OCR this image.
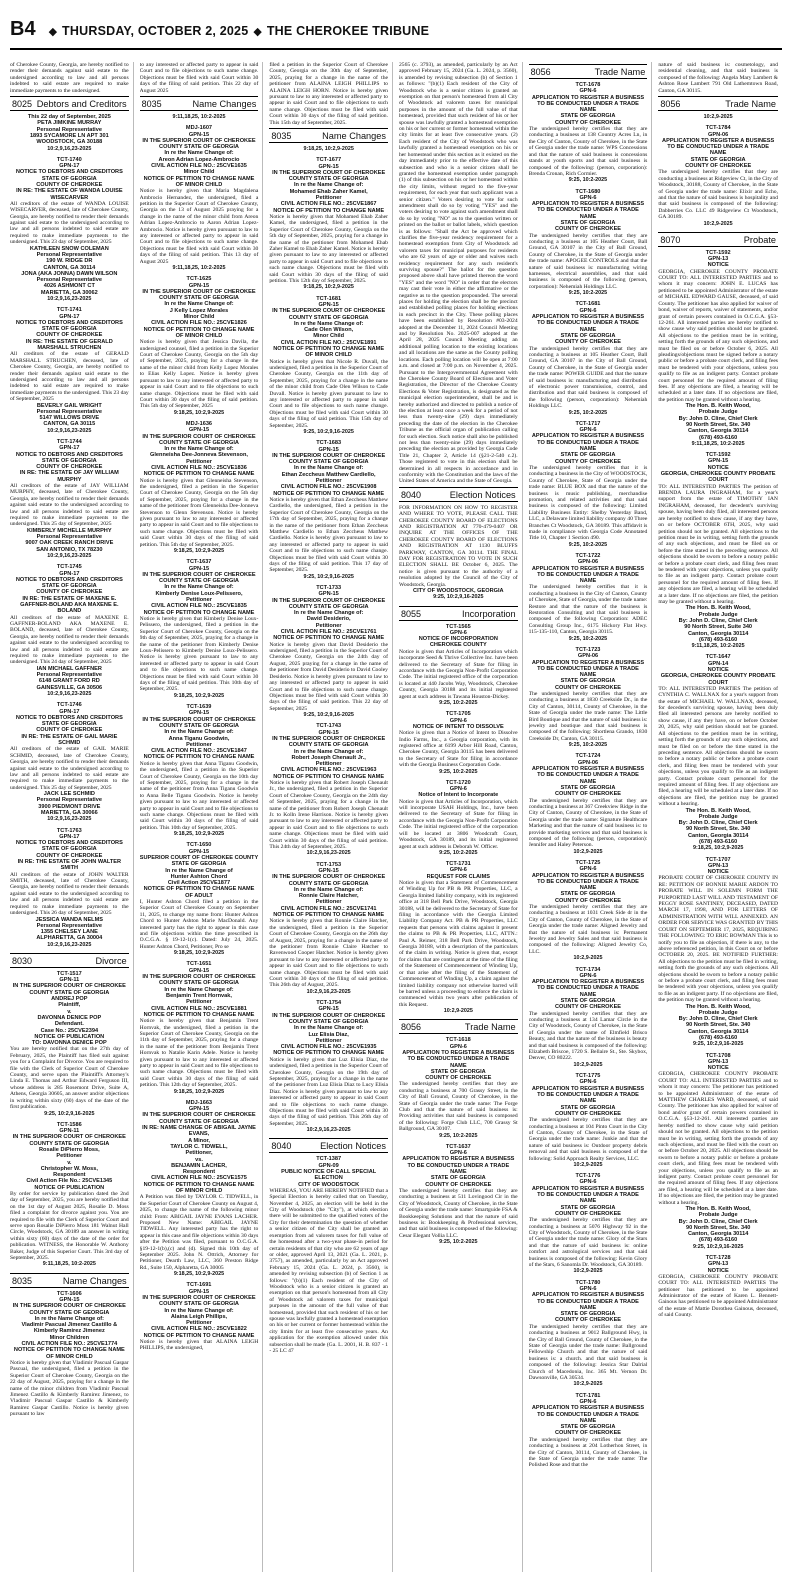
B4 ◆ THURSDAY, OCTOBER 2, 2025 ◆ THE CHEROKEE TRIBUNE
of Cherokee County, Georgia, are hereby notified to render their demands against said estate to the undersigned according to law and all persons indebted to said estate are required to make immediate payments to the undersigned.
8025 Debtors and Creditors
This 22 day of September, 2025
PETA JIMKINE MURRAY
Personal Representative
1893 SYCAMORE LN APT 301
WOODSTOCK, GA 30188
10:2,9,16,23-2025
TCT-1740
GPN-17
NOTICE TO DEBTORS AND CREDITORS
STATE OF GEORGIA
COUNTY OF CHEROKEE
IN RE: THE ESTATE OF WANDA LOUISE WISECARVER
All creditors of the estate of WANDA LOUISE WISECARVER, deceased, late of Cherokee County, Georgia, are hereby notified to render their demands against said estate to the undersigned according to law and all persons indebted to said estate are required to make immediate payments to the undersigned. This 23 day of September, 2025
KATHLEEN SNOW COLEMAN
Personal Representative
190 W. RIDGE DR
CANTON, GA 30114
JONA (AKA JONNA) DAWN WILSON
Personal Representative
4026 ASHMONT CT
MARIETTA, GA 30062
10:2,9,16,23-2025
TCT-1741
GPN-17
NOTICE TO DEBTORS AND CREDITORS
STATE OF GEORGIA
COUNTY OF CHEROKEE
IN RE: THE ESTATE OF GERALD MARSHALL STRUCHEN
All creditors of the estate of GERALD MARSHALL STRUCHEN, deceased, late of Cherokee County, Georgia, are hereby notified to render their demands against said estate to the undersigned according to law and all persons indebted to said estate are required to make immediate payments to the undersigned. This 23 day of September, 2025
BEVERLY GAIL WRIGHT
Personal Representative
5147 WILLOWS DRIVE
CANTON, GA 30115
10:2,9,16,23-2025
TCT-1744
GPN-17
NOTICE TO DEBTORS AND CREDITORS
STATE OF GEORGIA
COUNTY OF CHEROKEE
IN RE: THE ESTATE OF JAY WILLIAM MURPHY
All creditors of the estate of JAY WILLIAM MURPHY, deceased, late of Cherokee County, Georgia, are hereby notified to render their demands against said estate to the undersigned according to law and all persons indebted to said estate are required to make immediate payments to the undersigned. This 25 day of September, 2025
KIMBERLY MICHELLE MURPHY
Personal Representative
9007 OAK CREEK RANCH DRIVE
SAN ANTONIO, TX 78230
10:2,9,16,23-2025
TCT-1745
GPN-17
NOTICE TO DEBTORS AND CREDITORS
STATE OF GEORGIA
COUNTY OF CHEROKEE
IN RE: THE ESTATE OF MAXENE E. GAFFNER-BOLAND AKA MAXENE E. BOLAND
All creditors of the estate of MAXENE E. GAFFNER-BOLAND AKA MAXENE E. BOLAND, deceased, late of Cherokee County, Georgia, are hereby notified to render their demands against said estate to the undersigned according to law and all persons indebted to said estate are required to make immediate payments to the undersigned. This 24 day of September, 2025
IAN MICHAEL GAFFNER
Personal Representative
6148 GRANT FORD RD
GAINESVILLE, GA 30506
10:2,9,16,23-2025
TCT-1746
GPN-17
NOTICE TO DEBTORS AND CREDITORS
STATE OF GEORGIA
COUNTY OF CHEROKEE
IN RE: THE ESTATE OF GAIL MARIE SCHMID
All creditors of the estate of GAIL MARIE SCHMID, deceased, late of Cherokee County, Georgia, are hereby notified to render their demands against said estate to the undersigned according to law and all persons indebted to said estate are required to make immediate payments to the undersigned. This 25 day of September, 2025
JACK LEE SCHMID
Personal Representative
3900 PIEDMONT DRIVE
MARIETTA, GA 30066
10:2,9,16,23-2025
TCT-1763
GPN-17
NOTICE TO DEBTORS AND CREDITORS
STATE OF GEORGIA
COUNTY OF CHEROKEE
IN RE: THE ESTATE OF JOHN WALTER SMITH
All creditors of the estate of JOHN WALTER SMITH, deceased, late of Cherokee County, Georgia, are hereby notified to render their demands against said estate to the undersigned according to law and all persons indebted to said estate are required to make immediate payments to the undersigned. This 26 day of September, 2025
JESSICA WANDA NELMS
Personal Representative
1355 CHELSEY LANE
ALPHARETTA, GA 30004
10:2,9,16,23-2025
8030	Divorce
TCT-1517
GPN-11
IN THE SUPERIOR COURT OF CHEROKEE COUNTY STATE OF GEORGIA
ANDREJ POP
Plaintiff,
v.
DAVONNA DENICE POP
Defendant.
Case No.: 25CVE2394
NOTICE OF PUBLICATION
TO: DAVONNA DENICE POP
You are hereby notified that on the 27th day of February, 2025, the Plaintiff has filed suit against you for a Complaint for Divorce. You are required to file with the Clerk of Superior Court of Cherokee County, and serve upon the Plaintiff's Attorney's Linda E. Thomas and Arthur Edward Ferguson III, whose address is 285 Rosemont Drive, Suite A, Athens, Georgia 30605, an answer and/or objections in writing within sixty (60) days of the date of the first publication.
9:25, 10:2,9,16-2025
TCT-1586
GPN-11
IN THE SUPERIOR COURT OF CHEROKEE COUNTY STATE OF GEORGIA
Rosalie DiPierro Moss,
Petitioner
v.
Christopher W. Moss,
Respondent
Civil Action File No.: 25CVE1345
NOTICE OF PUBLICATION
By order for service by publication dated the 2nd day of September, 2025, you are hereby notified that on the 1st day of August 2025, Rosalie D. Moss filed a complaint for divorce against you. You are required to file with the Clerk of Superior Court and serve upon Rosalie DiPierro Moss 181 Walnut Hall Circle, Woodstock, GA 30189 an answer in writing within sixty (60) days of the date of the order for publication. WITNESS, the Honorable W. Anthony Baker, Judge of this Superior Court. This 3rd day of September, 2025.
9:11,18,25, 10:2-2025
8035	Name Changes
TCT-1606
GPN-15
IN THE SUPERIOR COURT OF CHEROKEE COUNTY STATE OF GEORGIA
In re the Name Change of:
Vladimir Pascual Jimenez Castillo & Kimberly Ramirez Jimenez
Minor Children
CIVIL ACTION FILE NO.: 25CVE1774
NOTICE OF PETITION TO CHANGE NAME OF MINOR CHILD
Notice is hereby given that Vladimir Pascual Gaspar Pascual, the undersigned, filed a petition in the Superior Court of Cherokee County, Georgia on the 22 day of August, 2025, praying for a change in the name of the minor children from Vladimir Pascual Jimenez Castillo & Kimberly Ramirez Jimenez, to Vladimir Pascual Gaspar Castillo & Kimberly Ramirez Gaspar Castillo. Notice is hereby given pursuant to law
to any interested or affected party to appear in said Court and to file objections to such name change. Objections must be filed with said Court within 30 days of the filing of said petition. This 22 day of August 2025
8035	Name Changes
9:11,18,25, 10:2-2025
MDJ-1607
GPN-15
IN THE SUPERIOR COURT OF CHEROKEE COUNTY STATE OF GEORGIA
In re the Name Change of:
Areon Adrian Lopez-Ambrocio
CIVIL ACTION FILE NO.: 25CVE1635
Minor Child
NOTICE OF PETITION TO CHANGE NAME OF MINOR CHILD
Notice is hereby given that Maria Magdalena Ambrocio Hernandez, the undersigned, filed a petition in the Superior Court of Cherokee County, Georgia on the 13 of August 2025 praying for a change in the name of the minor child from Areon Adrian Lopez-Ambrocio to Aaron Adrian Lopez-Ambrocio. Notice is hereby given pursuant to law to any interested or affected party to appear in said Court and to file objections to such name change. Objections must be filed with said Court within 30 days of the filing of said petition. This 13 day of August 2025
9:11,18,25, 10:2-2025
TCT-1625
GPN-15
IN THE SUPERIOR COURT OF CHEROKEE COUNTY STATE OF GEORGIA
In re the Name Change of:
J Kelly Lopez Morales
Minor Child
CIVIL ACTION FILE NO.: 25CVE1826
NOTICE OF PETITION TO CHANGE NAME OF MINOR CHILD
Notice is hereby given that Jessica Davila, the undersigned counsel, filed a petition in the Superior Court of Cherokee County, Georgia on the 5th day of September, 2025, praying for a change in the name of the minor child from Kelly Lopez Morales to Elias Kelly Lopez. Notice is hereby given pursuant to law to any interested or affected party to appear in said Court and to file objections to such name change. Objections must be filed with said Court within 30 days of the filing of said petition. This 5th day of September, 2025
9:18,25, 10:2,9-2025
MDJ-1636
GPN-15
IN THE SUPERIOR COURT OF CHEROKEE COUNTY STATE OF GEORGIA
In re the Name Change of:
Glenneisha Dee-Jonneva Stevenson,
Petitioner
CIVIL ACTION FILE NO.: 25CVE1836
NOTICE OF PETITION TO CHANGE NAME
Notice is hereby given that Glenneisha Stevenson, the undersigned, filed a petition in the Superior Court of Cherokee County, Georgia on the 5th day of September, 2025, praying for a change in the name of the petitioner from Glenneisha Dee-Jonneva Stevenson to Glenn Stevenson. Notice is hereby given pursuant to law to any interested or affected party to appear in said Court and to file objections to such name change. Objections must be filed with said Court within 30 days of the filing of said petition. This 5th day of September, 2025.
9:18,25, 10:2,9-2025
TCT-1637
GPN-15
IN THE SUPERIOR COURT OF CHEROKEE COUNTY STATE OF GEORGIA
In re the Name Change of:
Kimberly Denise Loux-Pelissero,
Petitioner
CIVIL ACTION FILE NO.: 25CVE1835
NOTICE OF PETITION TO CHANGE NAME
Notice is hereby given that Kimberly Denise Loux-Pelissero, the undersigned, filed a petition in the Superior Court of Cherokee County, Georgia on the 9th day of September, 2025, praying for a change in the name of the petitioner from Kimberly Denise Loux-Pelissero to Kimberly Denise Loux-Pelissero. Notice is hereby given pursuant to law to any interested or affected party to appear in said Court and to file objections to such name change. Objections must be filed with said Court within 30 days of the filing of said petition. This 10th day of September, 2025.
9:18,25, 10:2,9-2025
TCT-1639
GPN-15
IN THE SUPERIOR COURT OF CHEROKEE COUNTY STATE OF GEORGIA
In re the Name Change of:
Anna Tiganu Goodwin,
Petitioner
CIVIL ACTION FILE NO.: 25CVE1847
NOTICE OF PETITION TO CHANGE NAME
Notice is hereby given that Anna Tiganu Goodwin, the undersigned, filed a petition in the Superior Court of Cherokee County, Georgia on the 10th day of September, 2025, praying for a change in the name of the petitioner from Anna Tiganu Goodwin to Anna Belle Tiganu Goodwin. Notice is hereby given pursuant to law to any interested or affected party to appear in said Court and to file objections to such name change. Objections must be filed with said Court within 30 days of the filing of said petition. This 10th day of September, 2025.
9:18,25, 10:2,9-2025
TCT-1650
GPN-15
SUPERIOR COURT OF CHEROKEE COUNTY
STATE OF GEORGIA
In re the Name Change of
Hunter Ashton Chord
Civil Action 25CVE1877
NOTICE OF PETITION TO CHANGE NAME OF ADULT
I, Hunter Ashton Chord filed a petition in the Superior Court of Cherokee County on September 11, 2025, to change my name from: Hunter Ashton Chord to Hunter Ashton Marie MacDonald. Any interested party has the right to appear in this case and file objections within the time prescribed in O.C.G.A. § 19-12-1(c). Dated: July 24, 2025. Hunter Ashton Chord, Petitioner, Pro se
9:18,25, 10:2,9-2025
TCT-1651
GPN-15
IN THE SUPERIOR COURT OF CHEROKEE COUNTY STATE OF GEORGIA
In re the Name Change of:
Benjamin Trent Hornvak,
Petitioner
CIVIL ACTION FILE NO.: 25CVE1881
NOTICE OF PETITION TO CHANGE NAME
Notice is hereby given that Benjamin Trent Hornvak, the undersigned, filed a petition in the Superior Court of Cherokee County, Georgia on the 11th day of September, 2025, praying for a change in the name of the petitioner from Benjamin Trent Hornvak to Natalie Karin Adele. Notice is hereby given pursuant to law to any interested or affected party to appear in said Court and to file objections to such name change. Objections must be filed with said Court within 30 days of the filing of said petition. This 12th day of September, 2025.
9:18,25, 10:2,9-2025
MDJ-1663
GPN-15
IN THE SUPERIOR COURT OF CHEROKEE COUNTY STATE OF GEORGIA
IN RE: NAME CHANGE OF ABIGAIL JAYNE EVANS,
A Minor,
TAYLOR C. TIDWELL,
Petitioner,
vs.
BENJAMIN LACHER,
Respondent
CIVIL ACTION FILE NO.: 25CVE1575
NOTICE OF PETITION TO CHANGE NAME OF MINOR CHILD
A Petition was filed by TAYLOR C. TIDWELL, in the Superior Court of Cherokee County on August 4, 2025, to change the name of the following minor child: From: ABIGAIL JAYNE EVANS LACHER. Proposed New Name: ABIGAIL JAYNE TIDWELL. Any interested party has the right to appear in this case and file objections within 30 days after the Petition was filed, pursuant to O.C.G.A. §19-12-1(b),(c) and (d). Signed this 10th day of September 2025. John N. Ottrich, Attorney for Petitioner, Dearth Law, LLC, 360 Preston Ridge Rd., Suite 150, Alpharetta, GA 30005
9:18,25, 10:2,9-2025
TCT-1691
GPN-15
IN THE SUPERIOR COURT OF CHEROKEE COUNTY STATE OF GEORGIA
In re the Name Change of:
Alaina Leigh Phillips,
Petitioner
CIVIL ACTION FILE NO.: 25CVE1822
NOTICE OF PETITION TO CHANGE NAME
Notice is hereby given that ALAINA LEIGH PHILLIPS, the undersigned,
filed a petition in the Superior Court of Cherokee County, Georgia on the 30th day of September, 2025, praying for a change in the name of the petitioner from ALAINA LEIGH PHILLIPS to ALAINA LEIGH HORN. Notice is hereby given pursuant to law to any interested or affected party to appear in said Court and to file objections to such name change. Objections must be filed with said Court within 30 days of the filing of said petition. This 15th day of September, 2025.
8035	Name Changes
9:18,25, 10:2,9-2025
TCT-1677
GPN-15
IN THE SUPERIOR COURT OF CHEROKEE COUNTY STATE OF GEORGIA
In re the Name Change of:
Mohamed Ehab Zaher Kamel,
Petitioner
CIVIL ACTION FILE NO.: 25CVE1867
NOTICE OF PETITION TO CHANGE NAME
Notice is hereby given that Mohamed Ehab Zaher Kamel, the undersigned, filed a petition in the Superior Court of Cherokee County, Georgia on the 5th day of September, 2025, praying for a change in the name of the petitioner from Mohamed Ehab Zaher Kamel to Ehab Zaher Kamel. Notice is hereby given pursuant to law to any interested or affected party to appear in said Court and to file objections to such name change. Objections must be filed with said Court within 30 days of the filing of said petition. This 12th day of September, 2025.
9:18,25, 10:2,9-2025
TCT-1681
GPN-15
IN THE SUPERIOR COURT OF CHEROKEE COUNTY STATE OF GEORGIA
In re the Name Change of:
Cade Olen Wilson,
Minor Child
CIVIL ACTION FILE NO.: 25CVE1891
NOTICE OF PETITION TO CHANGE NAME OF MINOR CHILD
Notice is hereby given that Nicole R. Duvall, the undersigned, filed a petition in the Superior Court of Cherokee County, Georgia on the 11th day of September, 2025, praying for a change in the name of the minor child from Cade Olen Wilson to Cade Duvall. Notice is hereby given pursuant to law to any interested or affected party to appear in said Court and to file objections to such name change. Objections must be filed with said Court within 30 days of the filing of said petition. This 15th day of September, 2025.
9:25, 10:2,9,16-2025
TCT-1683
GPN-15
IN THE SUPERIOR COURT OF CHEROKEE COUNTY STATE OF GEORGIA
In re the Name Change of:
Ethan Zeccheus Matthew Cardiello,
Petitioner
CIVIL ACTION FILE NO.: 25CVE1908
NOTICE OF PETITION TO CHANGE NAME
Notice is hereby given that Ethan Zeccheus Matthew Cardiello, the undersigned, filed a petition in the Superior Court of Cherokee County, Georgia on the 17th day of September, 2025, praying for a change in the name of the petitioner from Ethan Zeccheus Matthew Cardiello to Ethan Zeccheus Matthew Cardiello. Notice is hereby given pursuant to law to any interested or affected party to appear in said Court and to file objections to such name change. Objections must be filed with said Court within 30 days of the filing of said petition. This 17 day of September, 2025.
9:25, 10:2,9,16-2025
TCT-1733
GPN-15
IN THE SUPERIOR COURT OF CHEROKEE COUNTY STATE OF GEORGIA
In re the Name Change of:
David Desiderio,
Petitioner
CIVIL ACTION FILE NO.: 25CVE1761
NOTICE OF PETITION TO CHANGE NAME
Notice is hereby given that David Desiderio the undersigned, filed a petition in the Superior Court of Cherokee County, Georgia on the 24th day of August, 2025 praying for a change in the name of the petitioner from David Desiderio to David Cooley Desiderio. Notice is hereby given pursuant to law to any interested or affected party to appear in said Court and to file objections to such name change. Objections must be filed with said Court within 30 days of the filing of said petition. This 22 day of September, 2025
9:25, 10:2,9,16-2025
TCT-1743
GPN-15
IN THE SUPERIOR COURT OF CHEROKEE COUNTY STATE OF GEORGIA
In re the Name Change of:
Robert Joseph Chenault Jr.,
Petitioner
CIVIL ACTION FILE NO.: 25CVE1963
NOTICE OF PETITION TO CHANGE NAME
Notice is hereby given that Robert Joseph Chenault Jr., the undersigned, filed a petition in the Superior Court of Cherokee County, Georgia on the 24th day of September, 2025, praying for a change in the name of the petitioner from Robert Joseph Chenault Jr. to Kolln Irene Harrison. Notice is hereby given pursuant to law to any interested or affected party to appear in said Court and to file objections to such name change. Objections must be filed with said Court within 30 days of the filing of said petition. This 24th day of September, 2025.
10:2,9,16,23-2025
TCT-1753
GPN-15
IN THE SUPERIOR COURT OF CHEROKEE COUNTY STATE OF GEORGIA
In re the Name Change of:
Ronnie Claire Hatcher,
Petitioner
CIVIL ACTION FILE NO.: 25CVE1741
NOTICE OF PETITION TO CHANGE NAME
Notice is hereby given that Ronnie Claire Hatcher, the undersigned, filed a petition in the Superior Court of Cherokee County, Georgia on the 26th day of August, 2025, praying for a change in the name of the petitioner from Ronnie Claire Hatcher to Ravenwood Cooper Hatcher. Notice is hereby given pursuant to law to any interested or affected party to appear in said Court and to file objections to such name change. Objections must be filed with said Court within 30 days of the filing of said petition. This 26th day of August, 2025.
10:2,9,16,23-2025
TCT-1754
GPN-15
IN THE SUPERIOR COURT OF CHEROKEE COUNTY STATE OF GEORGIA
In re the Name Change of:
Luz Elisia Diaz,
Petitioner
CIVIL ACTION FILE NO.: 25CVE1935
NOTICE OF PETITION TO CHANGE NAME
Notice is hereby given that Luz Elisia Diaz, the undersigned, filed a petition in the Superior Court of Cherokee County, Georgia on the 19th day of September, 2025, praying for a change in the name of the petitioner from Luz Elisia Diaz to Lucy Elisia Diaz. Notice is hereby given pursuant to law to any interested or affected party to appear in said Court and to file objections to such name change. Objections must be filed with said Court within 30 days of the filing of said petition. This 26th day of September, 2025.
10:2,9,16,23-2025
8040	Election Notices
TCT-1387
GPN-09
PUBLIC NOTICE OF CALL SPECIAL ELECTION
CITY OF WOODSTOCK
WHEREAS, YOU ARE HEREBY NOTIFIED that a Special Election is hereby called that on Tuesday, November 4, 2025, an election will be held in the City of Woodstock (the "City"), at which election there will be submitted to the qualified voters of the City for their determination the question of whether a senior citizen of the City shall be granted an exemption from ad valorem taxes for full value of the homestead after a two-year phase-in period for certain residents of that city who are 62 years of age or older, approved April 13, 2021 (Ga. L. 2021, p. 3757), as amended, particularly by an Act approved February 15, 2024 (Ga. L. 2024, p. 3560), is amended by revising subsection (b) of Section 1 as follows: "(b)(1) Each resident of the City of Woodstock who is a senior citizen is granted an exemption on that person's homestead from all City of Woodstock ad valorem taxes for municipal purposes in the amount of the full value of that homestead, provided that such resident of his or her spouse was lawfully granted a homestead exemption on his or her current or former homestead within the city limits for at least five consecutive years. An application for the exemption allowed under this subsection shall be made (Ga. L. 2001, H. B. 837 - 1 - 25 LC 47
2565 (c. 3793), as amended, particularly by an Act approved February 15, 2024 (Ga. L. 2024, p. 3560), is amended by revising subsection (b) of Section 1 as follows: "(b)(1) Each resident of the City of Woodstock who is a senior citizen is granted an exemption on that person's homestead from all City of Woodstock ad valorem taxes for municipal purposes in the amount of the full value of that homestead, provided that such resident of his or her spouse was lawfully granted a homestead exemption on his or her current or former homestead within the city limits for at least five consecutive years. (2) Each resident of the City of Woodstock who was lawfully granted a homestead exemption on his or her homestead under this section as it existed on the day immediately prior to the effective date of this subsection and who is a senior citizen shall be granted the homestead exemption under paragraph (1) of this subsection on his or her homestead within the city limits, without regard to the five-year requirement, for each year that such applicant was a senior citizen." Voters desiring to vote for such amendment shall do so by voting "YES" and the voters desiring to vote against such amendment shall do so by voting "NO" as to the question written or printed on the ballot or ballot labels, which question is as follows: "Shall the Act be approved which clarifies the five-year residency requirement for a homestead exemption from City of Woodstock ad valorem taxes for municipal purposes for residents who are 62 years of age or older and waives such residency requirement for any such resident's surviving spouse?" The ballot for the question proposed above shall have printed thereon the word "YES" and the word "NO" in order that the electors may cast their vote in either the affirmative or the negative as to the question propounded. The several places for holding the election shall be the precinct and established polling places for holding elections in each precinct in the City. These polling places have been established by Resolution #03-2024 adopted at the December 11, 2024 Council Meeting and by Resolution No. 2025-007 adopted at the April 28, 2025 Council Meeting adding an additional polling location to the existing locations and all locations are the same as the County polling locations. Each polling location will be open at 7:00 a.m. and closed at 7:00 p.m. on November 4, 2025. Pursuant to the Intergovernmental Agreement with the Cherokee County Board of Elections and Voter Registration, the Director of the Cherokee County Elections & Voter Registration, is designated as the municipal election superintendent, shall be and is hereby authorized and directed to publish a notice of the election at least once a week for a period of not less than twenty-nine (29) days immediately preceding the date of the election in the Cherokee Tribune as the official organ of publication calling for such election. Such notice shall also be published not less than twenty-nine (29) days immediately preceding the election as provided by Georgia Code Title 21, Chapter 2, Article 14 (§21-2-540 c.2). Those registered to vote in this election shall be determined in all respects in accordance and in conformity with the Constitution and the laws of the United States of America and the State of Georgia.
8040	Election Notices
FOR INFORMATION ON HOW TO REGISTER AND WHERE TO VOTE, PLEASE CALL THE CHEROKEE COUNTY BOARD OF ELECTIONS AND REGISTRATION AT 770-479-0407 OR INQUIRE AT THE OFFICES OF THE CHEROKEE COUNTY BOARD OF ELECTIONS AND REGISTRATION AT 1130 BLUFFS PARKWAY, CANTON, GA 30114. THE FINAL DAY FOR REGISTRATION TO VOTE IN SUCH ELECTION SHALL BE October 6, 2025. The notice is given pursuant to the authority of a resolution adopted by the Council of the City of Woodstock, Georgia.
CITY OF WOODSTOCK, GEORGIA
9:25, 10:2,9,16-2025
8055	Incorporation
TCT-1565
GPN-6
NOTICE OF INCORPORATION
CHEROKEE COUNTY
Notice is given that Articles of Incorporation which incorporate Seed & Thrive Collective Inc. have been delivered to the Secretary of State for filing in accordance with the Georgia Non-Profit Corporation Code. The initial registered office of the corporation is located at 440 Jacobs Way, Woodstock, Cherokee County, Georgia 30188 and its initial registered agent at such address is Tawana Houston-Dickey.
9:25, 10:2-2025
TCT-1705
GPN-6
NOTICE OF INTENT TO DISSOLVE
Notice is given that a Notice of Intent to Dissolve Indio Farms, Inc., a Georgia corporation, with its registered office at 6199 Arbor Hill Road, Canton, Cherokee County, Georgia 30115 has been delivered to the Secretary of State for filing in accordance with the Georgia Business Corporation Code.
9:25, 10:2-2025
TCT-1720
GPN-6
Notice of Intent to Incorporate
Notice is given that Articles of Incorporation, which will incorporate USAH Holdings, Inc., have been delivered to the Secretary of State for filing in accordance with the Georgia Non-Profit Corporation Code. The initial registered office of the corporation will be located at 3806 Woodcraft Court, Woodstock, GA 30189, and its initial registered agent at such address is Deborah W. Officer.
9:25, 10:2-2025
TCT-1731
GPN-6
REQUEST FOR CLAIMS
Notice is given that a Statement of Commencement of Winding Up for PB & PR Properties, LLC, a Georgia limited liability company, with its registered office at 318 Bell Park Drive, Woodstock, Georgia 30188, will be delivered to the Secretary of State for filing in accordance with the Georgia Limited Liability Company Act. PB & PR Properties, LLC requests that persons with claims against it present the claims to PB & PR Properties, LLC, ATTN.: Paul A. Reimer, 318 Bell Park Drive, Woodstock, Georgia 30188, with a description of the particulars of the claim in writing. Notice is given that, except for claims that are contingent at the time of the filing of the Statement of Commencement of Winding Up, or that arise after the filing of the Statement of Commencement of Winding Up, a claim against the limited liability company not otherwise barred will be barred unless a proceeding to enforce the claim is commenced within two years after publication of this Request.
10:2,9-2025
8056	Trade Name
TCT-1618
GPN-6
APPLICATION TO REGISTER A BUSINESS TO BE CONDUCTED UNDER A TRADE NAME
STATE OF GEORGIA
COUNTY OF CHEROKEE
The undersigned hereby certifies that they are conducting a business at 700 Grassy Street, in the City of Ball Ground, County of Cherokee, in the State of Georgia under the trade name: The Forge Club and that the nature of said business is: Providing activities that said business is composed of the following: Forge Club LLC, 700 Grassy St Ballground, GA 30107.
9:25, 10:2-2025
TCT-1637
GPN-6
APPLICATION TO REGISTER A BUSINESS TO BE CONDUCTED UNDER A TRADE NAME
STATE OF GEORGIA
COUNTY OF CHEROKEE
The undersigned hereby certifies that they are conducting a business at 511 Lovingood Cir in the City of Woodstock, County of Cherokee, in the State of Georgia under the trade name: Smartguide FSA & Bookkeeping Solutions and that the nature of said business is: Bookkeeping & Professional services, and that said business is composed of the following: Cesar Elegant Vollia LLC.
9:25, 10:2-2025
8056	Trade Name
TCT-1678
GPN-6
APPLICATION TO REGISTER A BUSINESS TO BE CONDUCTED UNDER A TRADE NAME
STATE OF GEORGIA
COUNTY OF CHEROKEE
The undersigned hereby certifies that they are conducting a business at 138 Country Acres Ln, in the City of Canton, County of Cherokee, in the State of Georgia under the trade name: WPS Concessions and that the nature of said business is concessions stands at youth sports and that said business is composed of the following: (person, corporation): Brenda Cronan, Rich Cormier.
9:25, 10:2-2025
TCT-1680
GPN-6
APPLICATION TO REGISTER A BUSINESS TO BE CONDUCTED UNDER A TRADE NAME
STATE OF GEORGIA
COUNTY OF CHEROKEE
The undersigned hereby certifies that they are conducting a business at 105 Heather Court, Ball Ground, GA 30107 in the City of Ball Ground, County of Cherokee, in the State of Georgia under the trade name: APOGEE CONTROLS and that the nature of said business is: manufacturing wiring harnesses, electrical assemblies, and that said business is composed of the following (person, corporation): Nehemiah Holdings LLC.
9:25, 10:2-2025
TCT-1681
GPN-6
APPLICATION TO REGISTER A BUSINESS TO BE CONDUCTED UNDER A TRADE NAME
STATE OF GEORGIA
COUNTY OF CHEROKEE
The undersigned hereby certifies that they are conducting a business at 105 Heather Court, Ball Ground, GA 30107 in the City of Ball Ground, County of Cherokee, in the State of Georgia under the trade name: POWER GUIDE and that the nature of said business is: manufacturing and distribution of electronic power transmission, control, and distribution and that said business is composed of the following (person, corporation): Nehemiah Holdings LLC.
9:25, 10:2-2025
TCT-1717
GPN-6
APPLICATION TO REGISTER A BUSINESS TO BE CONDUCTED UNDER A TRADE NAME
STATE OF GEORGIA
COUNTY OF CHEROKEE
The undersigned hereby certifies that it is conducting a business in the City of WOODSTOCK, County of Cherokee, State of Georgia under the trade name: BLUE BOX and that the nature of the business is music publishing, merchandise promotion, and related activities and that said business is composed of the following: Limited Liability Business Entity: Shelby Yesterday Band, LLC, a Delaware limited liability company 40 Three Branches Ct Woodstock, GA 30189. This affidavit is made in compliance with Georgia Code Annotated Title 10, Chapter 1 Section 490.
9:25, 10:2-2025
TCT-1722
GPN-06
APPLICATION TO REGISTER A BUSINESS TO BE CONDUCTED UNDER A TRADE NAME
The undersigned hereby certifies that it is conducting a business in the City of Canton, County of Cherokee, State of Georgia, under the trade name: Restore and that the nature of the business is Restoration Consulting and that said business is composed of the following Corporation: ADEC Consulting Group Inc., 6175 Hickory Flat Hwy. 115-135-110, Canton, Georgia 30115.
9:25, 10:2-2025
TCT-1723
GPN-06
APPLICATION TO REGISTER A BUSINESS TO BE CONDUCTED UNDER A TRADE NAME
STATE OF GEORGIA
COUNTY OF CHEROKEE
The undersigned hereby certifies that they are conducting a business at 1830 Creekside Dr., in the City of Canton, 30114, County of Cherokee, in the State of Georgia under the trade name: The Little Bird Boutique and that the nature of said business is: jewelry and boutique and that said business is composed of the following: Shortlena Grando, 1830 Creekside Dr, Canton, GA 30115.
9:25, 10:2-2025
TCT-1724
GPN-06
APPLICATION TO REGISTER A BUSINESS TO BE CONDUCTED UNDER A TRADE NAME
STATE OF GEORGIA
COUNTY OF CHEROKEE
The undersigned hereby certifies that they are conducting a business at 367 Creekview Ridge in the City of Canton, County of Cherokee, in the State of Georgia under the trade name: Signature Healthcare Marketing and that the nature of said business is: to provide marketing services and that said business is composed of the following (person, corporation): Jennifer and Haley Peterson.
10:2,9-2025
TCT-1725
GPN-6
APPLICATION TO REGISTER A BUSINESS TO BE CONDUCTED UNDER A TRADE NAME
STATE OF GEORGIA
COUNTY OF CHEROKEE
The undersigned hereby certifies that they are conducting a business at 1031 Creek Side dr in the City of Canton, County of Cherokee, in the State of Georgia under the trade name: Aligned Jewelry and that the nature of said business is: Permanent Jewelry and Jewelry Sales and that said business is composed of the following: Aligned Jewelry Co, LLC.
10:2,9-2025
TCT-1734
GPN-6
APPLICATION TO REGISTER A BUSINESS TO BE CONDUCTED UNDER A TRADE NAME
STATE OF GEORGIA
COUNTY OF CHEROKEE
The undersigned hereby certifies that they are conducting a business at 134 Lamar Circle in the City of Woodstock, County of Cherokee, in the State of Georgia under the name of Elmfield Brisco Beauty, and that the nature of the business is beauty and that said business is composed of the following: Elizabeth Briscoe, 1720 S. Bellaire St., Ste. Skybox, Denver, CO 80222.
10:2,9-2025
TCT-1775
GPN-6
APPLICATION TO REGISTER A BUSINESS TO BE CONDUCTED UNDER A TRADE NAME
STATE OF GEORGIA
COUNTY OF CHEROKEE
The undersigned hereby certifies that they are conducting a business at 104 Pinto Court in the City of Canton, County of Cherokee, in the State of Georgia under the trade name: Junkie and that the nature of said business is: Outdoor property debris removal and that said business is composed of the following: Solid Approach Realty Services, LLC.
10:2,9-2025
TCT-1776
GPN-6
APPLICATION TO REGISTER A BUSINESS TO BE CONDUCTED UNDER A TRADE NAME
STATE OF GEORGIA
COUNTY OF CHEROKEE
The undersigned hereby certifies that they are conducting a business at 5076 Highway 92 in the City of Woodstock, County of Cherokee, in the State of Georgia under the trade name: Glory of the Stars and that the nature of said business is: online comfort and astrological services and that said business is composed of the following: Kevin Glory of the Stars, 6 Sanomla Dr. Woodstock, GA 30189.
10:2,9-2025
TCT-1780
GPN-6
APPLICATION TO REGISTER A BUSINESS TO BE CONDUCTED UNDER A TRADE NAME
STATE OF GEORGIA
COUNTY OF CHEROKEE
The undersigned hereby certifies that they are conducting a business at 9012 Ballground Hwy, in the City of Ball Ground, County of Cherokee, in the State of Georgia under the trade name: Ballground Fellowship Church and that the nature of said business is: a church. and that said business is composed of the following: Jessica Star Dalrial Church of Macedonia, Inc. 365 Mt. Vernon Dr. Dawsonville, GA 30534.
10:2,9-2025
TCT-1781
GPN-6
APPLICATION TO REGISTER A BUSINESS TO BE CONDUCTED UNDER A TRADE NAME
STATE OF GEORGIA
COUNTY OF CHEROKEE
The undersigned hereby certifies that they are conducting a business at 204 Lotherhon Street, in the City of Canton, 30114, County of Cherokee, in the State of Georgia under the trade name: The Polished Rose and that the
nature of said business is: cosmetology, and residential cleaning, and that said business is composed of the following: Angela Mary Lambert & Ashton Rose Lambert 791 Old Lathemtown Road, Canton, GA 30115.
8056	Trade Name
10:2,9-2025
TCT-1784
GPN-06
APPLICATION TO REGISTER A BUSINESS TO BE CONDUCTED UNDER A TRADE NAME
STATE OF GEORGIA
COUNTY OF CHEROKEE
The undersigned hereby certifies that they are conducting a business at Ridgeview Ct, in the City of Woodstock, 30188, County of Cherokee, in the State of Georgia under the trade name: Elixir and Echo, and that the nature of said business is hospitality and that said business is composed of the following: Dabberries Co. LLC 49 Ridgeview Ct Woodstock, GA 30189.
10:2,9-2025
8070	Probate
TCT-1592
GPN-13
NOTICE
GEORGIA, CHEROKEE COUNTY PROBATE COURT TO: ALL INTERESTED PARTIES and to whom it may concern: JOHN E. LUCAS has petitioned to be appointed Administrator of the estate of MICHAEL EDWARD GAUSE, deceased, of said County. The petitioner has also applied for waiver of bond, waiver of reports, waiver of statements, and/or grant of certain powers contained in O.C.G.A. §53-12-261. All interested parties are hereby notified to show cause why said petition should not be granted. All objections to the petition must be in writing, setting forth the grounds of any such objections, and must be filed on or before October 6, 2025. All pleadings/objections must be signed before a notary public or before a probate court clerk, and filing fees must be tendered with your objections, unless you qualify to file as an indigent party. Contact probate court personnel for the required amount of filing fees. If any objections are filed, a hearing will be scheduled at a later date. If no objections are filed, the petition may be granted without a hearing.
The Hon. B. Keith Wood,
Probate Judge
By: John D. Cline, Chief Clerk
90 North Street, Ste. 340
Canton, Georgia 30114
(678) 493-6160
9:11,18,25, 10:2-2025
TCT-1592
GPN-15
NOTICE
GEORGIA, CHEROKEE COUNTY PROBATE COURT
TO: ALL INTERESTED PARTIES The petition of BRENDA LAURA INGRAHAM, for a year's support from the estate of TIMOTHY IAN INGRAHAM, deceased, for decedent's surviving spouse, having been duly filed, all interested persons are hereby notified to show cause, if any they have, on or before OCTOBER 6TH, 2025, why said petition should not be granted. All objections to the petition must be in writing, setting forth the grounds of any such objections, and must be filed on or before the time stated in the preceding sentence. All objections should be sworn to before a notary public or before a probate court clerk, and filing fees must be tendered with your objections, unless you qualify to file as an indigent party. Contact probate court personnel for the required amount of filing fees. If any objections are filed, a hearing will be scheduled at a later date. If no objections are filed, the petition may be granted without a hearing.
The Hon. B. Keith Wood,
Probate Judge
By: John D. Cline, Chief Clerk
90 North Street, Suite 340
Canton, Georgia 30114
(678) 493-6160
9:11,18,25, 10:2-2025
TCT-1647
GPN-14
NOTICE
GEORGIA, CHEROKEE COUNTY PROBATE COURT
TO: ALL INTERESTED PARTIES The petition of CYNTHIA C. WALLNAX for a year's support from the estate of MICHAEL W. WALLNAX, deceased, for decedent's surviving spouse, having been duly filed all interested persons are hereby notified to show cause, if any they have, on or before October 20, 2025, why said petition should not be granted. All objections to the petition must be in writing, setting forth the grounds of any such objections, and must be filed on or before the time stated in the preceding sentence. All objections should be sworn to before a notary public or before a probate court clerk, and filing fees must be tendered with your objections, unless you qualify to file as an indigent party. Contact probate court personnel for the required amount of filing fees. If any objections are filed, a hearing will be scheduled at a later date. If no objections are filed, the petition may be granted without a hearing.
The Hon. B. Keith Wood,
Probate Judge
By: John D. Cline, Chief Clerk
90 North Street, Ste. 340
Canton, Georgia 30114
(678) 493-6160
9:18,25, 10:2,9-2025
TCT-1707
GPN-13
NOTICE
PROBATE COURT OF CHEROKEE COUNTY IN RE: PETITION OF BONNIE MARIE ARDON TO PROBATE WILL IN SOLEMN FORM THE PURPORTED LAST WILL AND TESTAMENT OF PEGGY ROSE SANTINEY, DECEASED, DATED MARCH 17, 1998, AND FOR LETTERS OF ADMINISTRATION WITH WILL ANNEXED. AN ORDER FOR SERVICE WAS GRANTED BY THIS COURT ON SEPTEMBER 17, 2025, REQUIRING THE FOLLOWING: TO ERIC BOWMAN This is to notify you to file an objection, if there is any, to the above referenced petition, in this Court on or before OCTOBER 20, 2025. BE NOTIFIED FURTHER: All objections to the petition must be filed in writing, setting forth the grounds of any such objections. All objections should be sworn to before a notary public or before a probate court clerk, and filing fees must be tendered with your objections, unless you qualify to file as an indigent party. If no objections are filed, the petition may be granted without a hearing.
The Hon. B. Keith Wood,
Probate Judge
By: John D. Cline, Chief Clerk
90 North Street, Ste. 340
Canton, Georgia 30114
(678) 493-6160
9:25, 10:2,9,16-2025
TCT-1708
GPN-13
NOTICE
GEORGIA, CHEROKEE COUNTY PROBATE COURT TO: ALL INTERESTED PARTIES and to whom it may concern: The petitioner has petitioned to be appointed Administrator of the estate of MATTHEW CHARLES WARD, deceased, of said County. The petitioner has also applied for waiver of bond and/or grant of certain powers contained in O.C.G.A. §53-12-261. All interested parties are hereby notified to show cause why said petition should not be granted. All objections to the petition must be in writing, setting forth the grounds of any such objections, and must be filed with the court on or before October 20, 2025. All objections should be sworn to before a notary public or before a probate court clerk, and filing fees must be tendered with your objections, unless you qualify to file as an indigent party. Contact probate court personnel for the required amount of filing fees. If any objections are filed, a hearing will be scheduled at a later date. If no objections are filed, the petition may be granted without a hearing.
The Hon. B. Keith Wood,
Probate Judge
By: John D. Cline, Chief Clerk
90 North Street, Ste. 340
Canton, Georgia 30114
(678) 493-6160
9:25, 10:2,9,16-2025
TCT-1728
GPN-13
NOTICE
GEORGIA, CHEROKEE COUNTY PROBATE COURT TO: ALL INTERESTED PARTIES The petitioner has petitioned to be appointed Administrator of the estate of Karen L. Bennett-Gainous has petitioned to be appointed Administrator of the estate of Mattie Dorothea Gainous, deceased, of said County.
